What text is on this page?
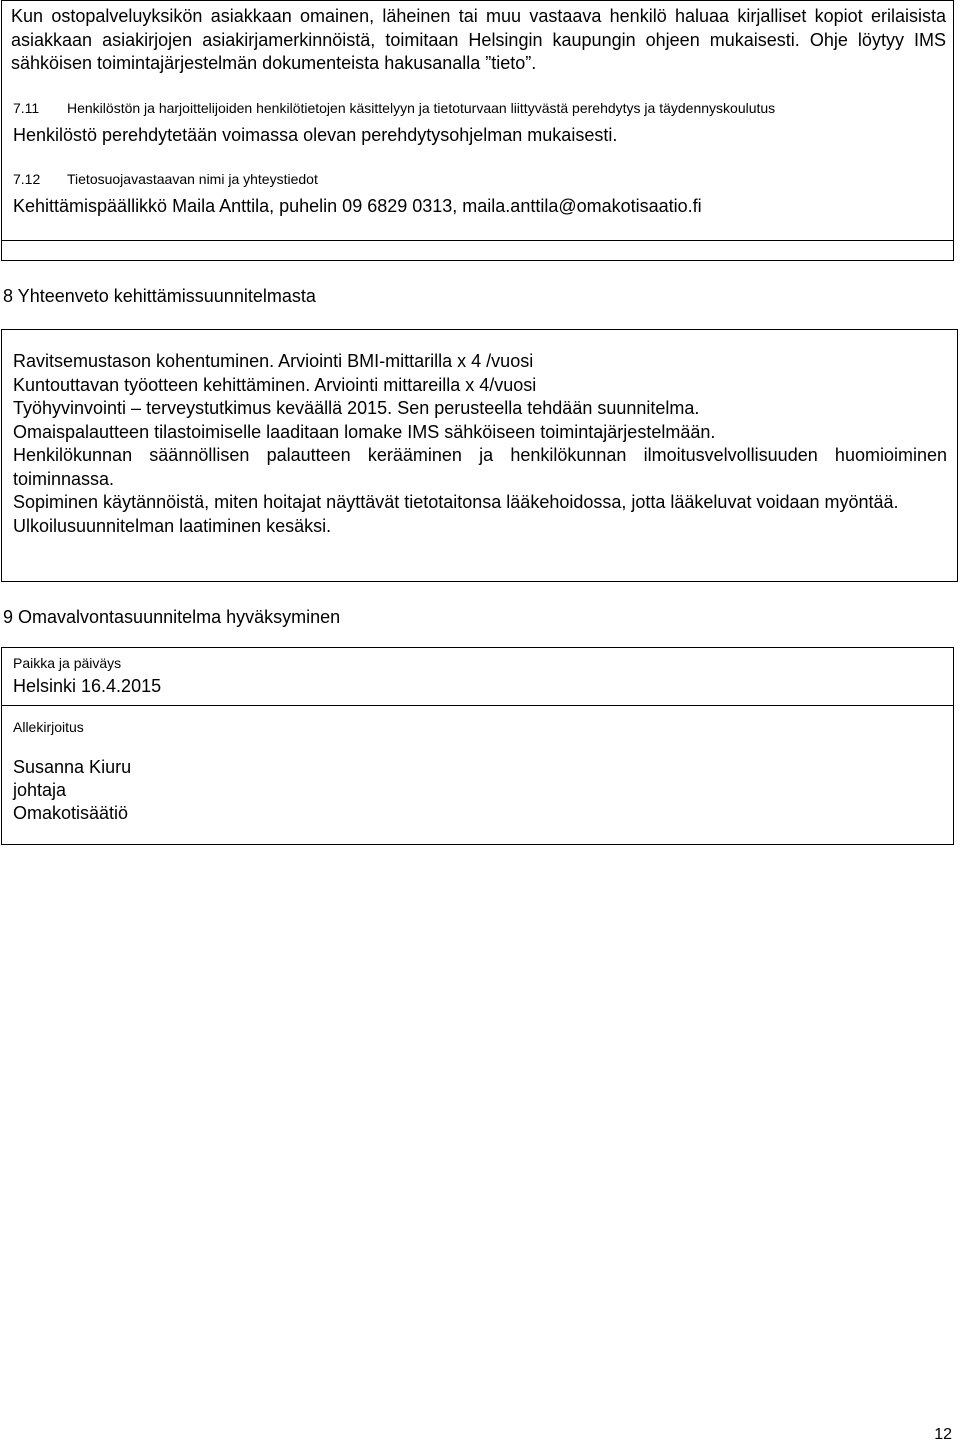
Kun ostopalveluyksikön asiakkaan omainen, läheinen tai muu vastaava henkilö haluaa kirjalliset kopiot erilaisista asiakkaan asiakirjojen asiakirjamerkinnöistä, toimitaan Helsingin kaupungin ohjeen mukaisesti. Ohje löytyy IMS sähköisen toimintajärjestelmän dokumenteista hakusanalla ”tieto”.

7.11 Henkilöstön ja harjoittelijoiden henkilötietojen käsittelyyn ja tietoturvaan liittyvästä perehdytys ja täydennyskoulutus

Henkilöstö perehdytetään voimassa olevan perehdytysohjelman mukaisesti.

7.12 Tietosuojavastaavan nimi ja yhteystiedot

Kehittämispäällikkö Maila Anttila, puhelin 09 6829 0313, maila.anttila@omakotisaatio.fi

8 Yhteenveto kehittämissuunnitelmasta

Ravitsemustason kohentuminen. Arviointi BMI-mittarilla x 4 /vuosi
Kuntouttavan työotteen kehittäminen. Arviointi mittareilla x 4/vuosi
Työhyvinvointi – terveystutkimus keväällä 2015. Sen perusteella tehdään suunnitelma.
Omaispalautteen tilastoimiselle laaditaan lomake IMS sähköiseen toimintajärjestelmään.
Henkilökunnan säännöllisen palautteen kerääminen ja henkilökunnan ilmoitusvelvollisuuden huomioiminen toiminnassa.
Sopiminen käytännöistä, miten hoitajat näyttävät tietotaitonsa lääkehoidossa, jotta lääkeluvat voidaan myöntää.
Ulkoilusuunnitelman laatiminen kesäksi.

9 Omavalvontasuunnitelma hyväksyminen

Paikka ja päiväys

Helsinki 16.4.2015

Allekirjoitus

Susanna Kiuru

johtaja

Omakotisäätiö

12
